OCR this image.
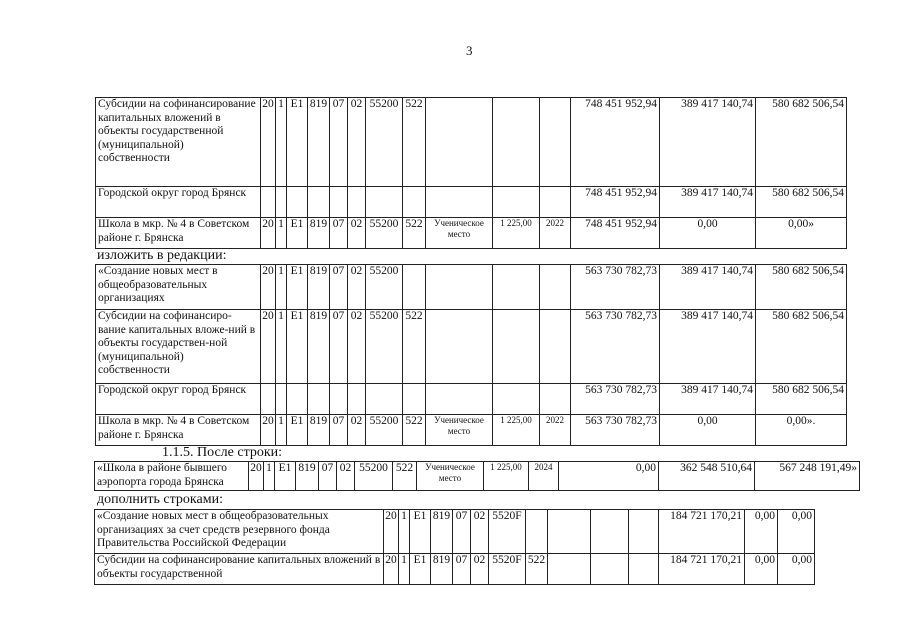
3
Субсидии на софинансирование капитальных вложений в объекты государственной (муниципальной) собственности	20	1	E1	819	07	02	55200	522				748 451 952,94	389 417 140,74	580 682 506,54
Городской округ город Брянск												748 451 952,94	389 417 140,74	580 682 506,54
Школа в мкр. № 4 в Советском районе г. Брянска	20	1	E1	819	07	02	55200	522	Ученическое место	1 225,00	2022	748 451 952,94	0,00	0,00»
изложить в редакции:
«Создание новых мест в общеобразовательных организациях	20	1	E1	819	07	02	55200					563 730 782,73	389 417 140,74	580 682 506,54
Субсидии на софинансиро-вание капитальных вложе-ний в объекты государствен-ной (муниципальной) собственности	20	1	E1	819	07	02	55200	522				563 730 782,73	389 417 140,74	580 682 506,54
Городской округ город Брянск												563 730 782,73	389 417 140,74	580 682 506,54
Школа в мкр. № 4 в Советском районе г. Брянска	20	1	E1	819	07	02	55200	522	Ученическое место	1 225,00	2022	563 730 782,73	0,00	0,00».
1.1.5. После строки:
«Школа в районе бывшего аэропорта города Брянска	20	1	E1	819	07	02	55200	522	Ученическое место	1 225,00	2024	0,00	362 548 510,64	567 248 191,49»
дополнить строками:
«Создание новых мест в общеобразовательных организациях за счет средств резервного фонда Правительства Российской Федерации	20	1	E1	819	07	02	5520F					184 721 170,21	0,00	0,00
Субсидии на софинансирование капитальных вложений в объекты государственной	20	1	E1	819	07	02	5520F	522				184 721 170,21	0,00	0,00
